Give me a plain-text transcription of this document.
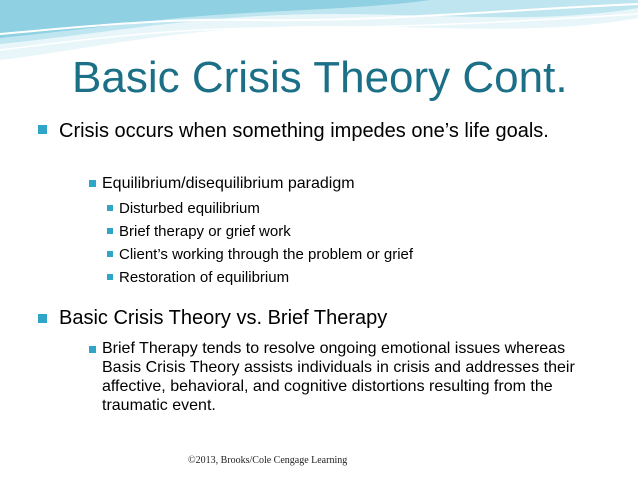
Basic Crisis Theory Cont.
Crisis occurs when something impedes one’s life goals.
Equilibrium/disequilibrium paradigm
Disturbed equilibrium
Brief therapy or grief work
Client’s working through the problem or grief
Restoration of equilibrium
Basic Crisis Theory vs. Brief Therapy
Brief Therapy tends to resolve ongoing emotional issues whereas Basis Crisis Theory assists individuals in crisis and addresses their affective, behavioral, and cognitive distortions resulting from the traumatic event.
©2013, Brooks/Cole Cengage Learning
